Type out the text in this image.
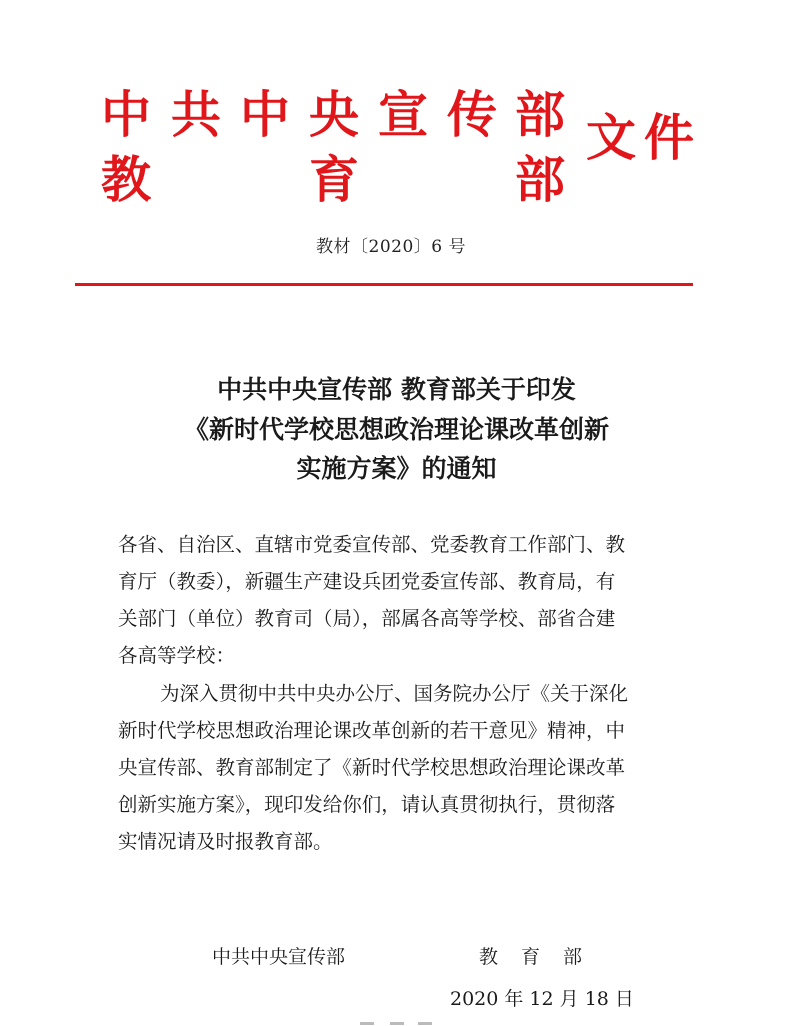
中 共 中 央 宣 传 部
教	育	部
文 件
教材〔2020〕6 号
中共中央宣传部 教育部关于印发
《新时代学校思想政治理论课改革创新
实施方案》的通知
各省、自治区、直辖市党委宣传部、党委教育工作部门、教
育厅（教委），新疆生产建设兵团党委宣传部、教育局，有
关部门（单位）教育司（局），部属各高等学校、部省合建
各高等学校：
为深入贯彻中共中央办公厅、国务院办公厅《关于深化
新时代学校思想政治理论课改革创新的若干意见》精神，中
央宣传部、教育部制定了《新时代学校思想政治理论课改革
创新实施方案》，现印发给你们，请认真贯彻执行，贯彻落
实情况请及时报教育部。
中共中央宣传部	教 育 部
2020 年 12 月 18 日
